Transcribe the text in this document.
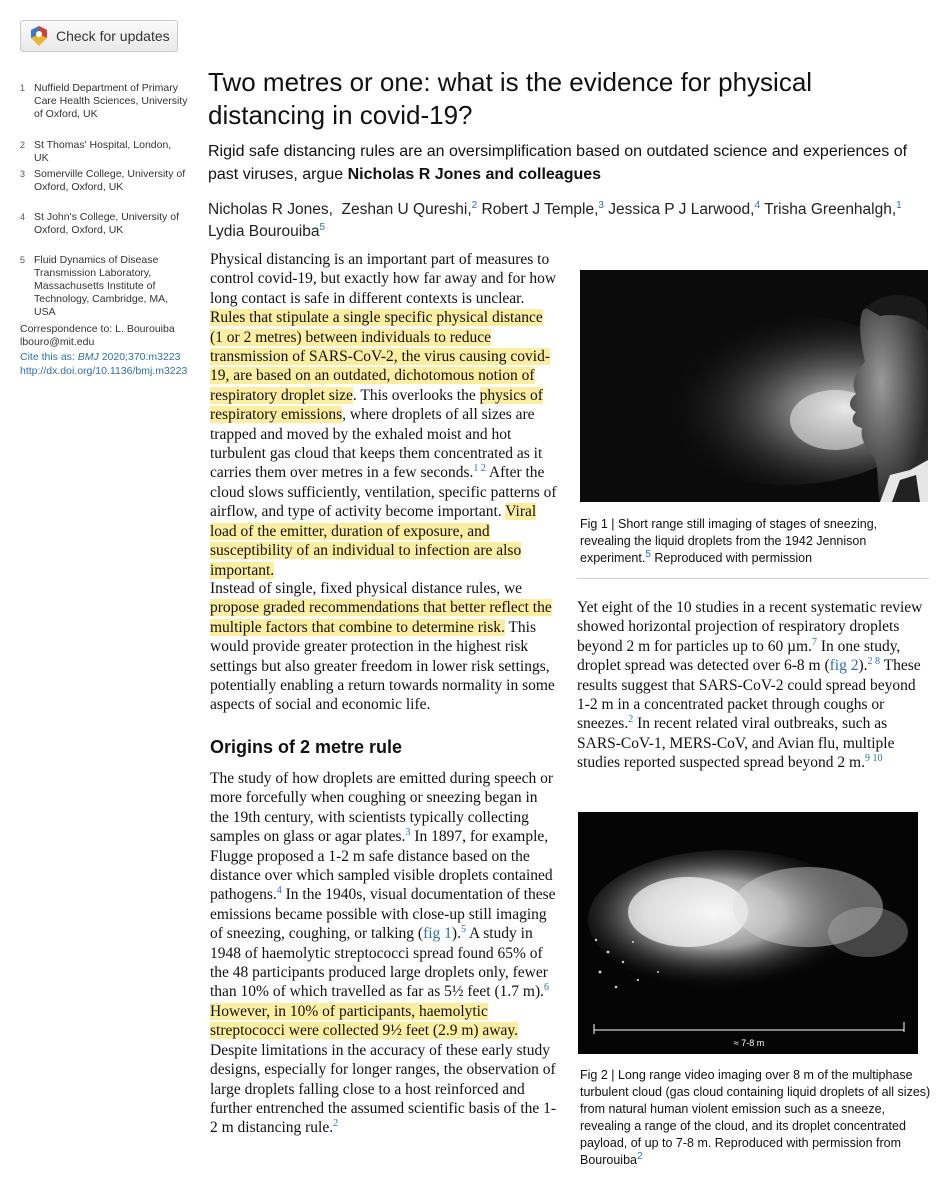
Check for updates
1 Nuffield Department of Primary Care Health Sciences, University of Oxford, UK
2 St Thomas' Hospital, London, UK
3 Somerville College, University of Oxford, Oxford, UK
4 St John's College, University of Oxford, Oxford, UK
5 Fluid Dynamics of Disease Transmission Laboratory, Massachusetts Institute of Technology, Cambridge, MA, USA
Correspondence to: L. Bourouiba
lbouro@mit.edu
Cite this as: BMJ 2020;370:m3223
http://dx.doi.org/10.1136/bmj.m3223
Two metres or one: what is the evidence for physical distancing in covid-19?
Rigid safe distancing rules are an oversimplification based on outdated science and experiences of past viruses, argue Nicholas R Jones and colleagues
Nicholas R Jones, Zeshan U Qureshi,$^2$ Robert J Temple,$^3$ Jessica P J Larwood,$^4$ Trisha Greenhalgh,$^1$
Lydia Bourouiba$^5$
Physical distancing is an important part of measures to control covid-19, but exactly how far away and for how long contact is safe in different contexts is unclear. Rules that stipulate a single specific physical distance (1 or 2 metres) between individuals to reduce transmission of SARS-CoV-2, the virus causing covid-19, are based on an outdated, dichotomous notion of respiratory droplet size. This overlooks the physics of respiratory emissions, where droplets of all sizes are trapped and moved by the exhaled moist and hot turbulent gas cloud that keeps them concentrated as it carries them over metres in a few seconds.$^{1 2}$ After the cloud slows sufficiently, ventilation, specific patterns of airflow, and type of activity become important. Viral load of the emitter, duration of exposure, and susceptibility of an individual to infection are also important.
Instead of single, fixed physical distance rules, we propose graded recommendations that better reflect the multiple factors that combine to determine risk. This would provide greater protection in the highest risk settings but also greater freedom in lower risk settings, potentially enabling a return towards normality in some aspects of social and economic life.
Origins of 2 metre rule
The study of how droplets are emitted during speech or more forcefully when coughing or sneezing began in the 19th century, with scientists typically collecting samples on glass or agar plates.$^3$ In 1897, for example, Flugge proposed a 1-2 m safe distance based on the distance over which sampled visible droplets contained pathogens.$^4$ In the 1940s, visual documentation of these emissions became possible with close-up still imaging of sneezing, coughing, or talking (fig 1).$^5$ A study in 1948 of haemolytic streptococci spread found 65% of the 48 participants produced large droplets only, fewer than 10% of which travelled as far as 5½ feet (1.7 m).$^6$ However, in 10% of participants, haemolytic streptococci were collected 9½ feet (2.9 m) away. Despite limitations in the accuracy of these early study designs, especially for longer ranges, the observation of large droplets falling close to a host reinforced and further entrenched the assumed scientific basis of the 1-2 m distancing rule.$^2$
Fig 1 | Short range still imaging of stages of sneezing, revealing the liquid droplets from the 1942 Jennison experiment.$^5$ Reproduced with permission
Yet eight of the 10 studies in a recent systematic review showed horizontal projection of respiratory droplets beyond 2 m for particles up to 60 µm.$^7$ In one study, droplet spread was detected over 6-8 m (fig 2).$^{2 8}$ These results suggest that SARS-CoV-2 could spread beyond 1-2 m in a concentrated packet through coughs or sneezes.$^2$ In recent related viral outbreaks, such as SARS-CoV-1, MERS-CoV, and Avian flu, multiple studies reported suspected spread beyond 2 m.$^{9 10}$
≈ 7-8 m
Fig 2 | Long range video imaging over 8 m of the multiphase turbulent cloud (gas cloud containing liquid droplets of all sizes) from natural human violent emission such as a sneeze, revealing a range of the cloud, and its droplet concentrated payload, of up to 7-8 m. Reproduced with permission from Bourouiba$^2$
